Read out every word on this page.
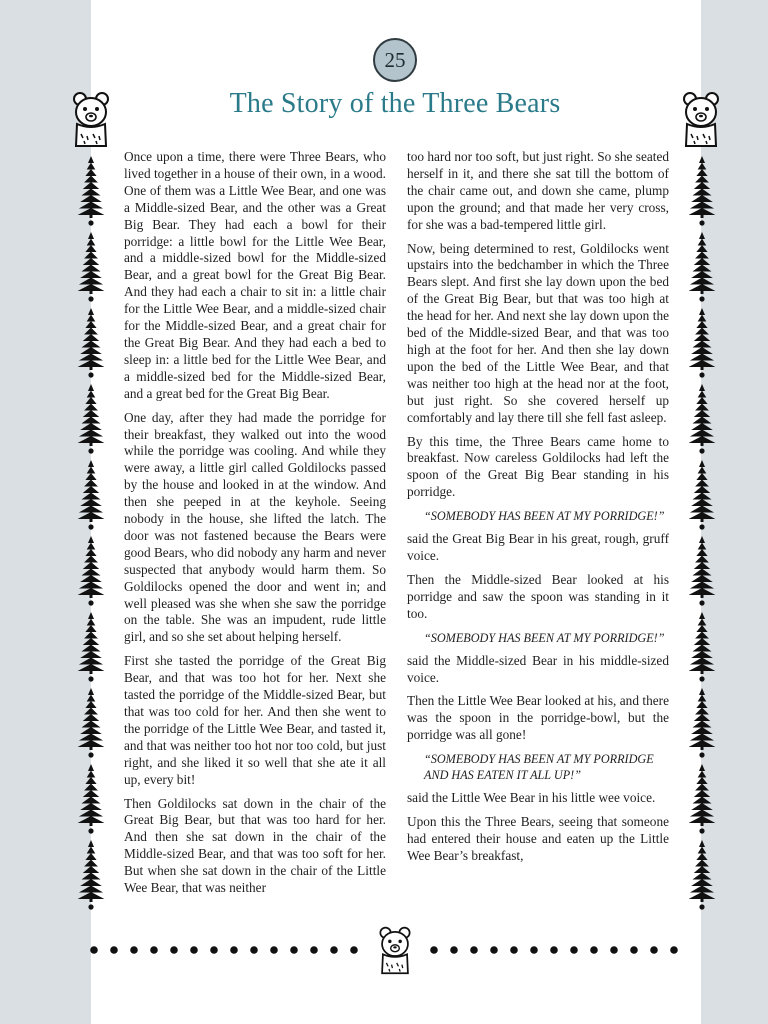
25
The Story of the Three Bears

Once upon a time, there were Three Bears, who lived together in a house of their own, in a wood. One of them was a Little Wee Bear, and one was a Middle-sized Bear, and the other was a Great Big Bear. They had each a bowl for their porridge: a little bowl for the Little Wee Bear, and a middle-sized bowl for the Middle-sized Bear, and a great bowl for the Great Big Bear. And they had each a chair to sit in: a little chair for the Little Wee Bear, and a middle-sized chair for the Middle-sized Bear, and a great chair for the Great Big Bear. And they had each a bed to sleep in: a little bed for the Little Wee Bear, and a middle-sized bed for the Middle-sized Bear, and a great bed for the Great Big Bear.

One day, after they had made the porridge for their breakfast, they walked out into the wood while the porridge was cooling. And while they were away, a little girl called Goldilocks passed by the house and looked in at the window. And then she peeped in at the keyhole. Seeing nobody in the house, she lifted the latch. The door was not fastened because the Bears were good Bears, who did nobody any harm and never suspected that anybody would harm them. So Goldilocks opened the door and went in; and well pleased was she when she saw the porridge on the table. She was an impudent, rude little girl, and so she set about helping herself.

First she tasted the porridge of the Great Big Bear, and that was too hot for her. Next she tasted the porridge of the Middle-sized Bear, but that was too cold for her. And then she went to the porridge of the Little Wee Bear, and tasted it, and that was neither too hot nor too cold, but just right, and she liked it so well that she ate it all up, every bit!

Then Goldilocks sat down in the chair of the Great Big Bear, but that was too hard for her. And then she sat down in the chair of the Middle-sized Bear, and that was too soft for her. But when she sat down in the chair of the Little Wee Bear, that was neither

too hard nor too soft, but just right. So she seated herself in it, and there she sat till the bottom of the chair came out, and down she came, plump upon the ground; and that made her very cross, for she was a bad-tempered little girl.

Now, being determined to rest, Goldilocks went upstairs into the bedchamber in which the Three Bears slept. And first she lay down upon the bed of the Great Big Bear, but that was too high at the head for her. And next she lay down upon the bed of the Middle-sized Bear, and that was too high at the foot for her. And then she lay down upon the bed of the Little Wee Bear, and that was neither too high at the head nor at the foot, but just right. So she covered herself up comfortably and lay there till she fell fast asleep.

By this time, the Three Bears came home to breakfast. Now careless Goldilocks had left the spoon of the Great Big Bear standing in his porridge.

“SOMEBODY HAS BEEN AT MY PORRIDGE!”

said the Great Big Bear in his great, rough, gruff voice.

Then the Middle-sized Bear looked at his porridge and saw the spoon was standing in it too.

“SOMEBODY HAS BEEN AT MY PORRIDGE!”

said the Middle-sized Bear in his middle-sized voice.

Then the Little Wee Bear looked at his, and there was the spoon in the porridge-bowl, but the porridge was all gone!

“SOMEBODY HAS BEEN AT MY PORRIDGE AND HAS EATEN IT ALL UP!”

said the Little Wee Bear in his little wee voice.

Upon this the Three Bears, seeing that someone had entered their house and eaten up the Little Wee Bear’s breakfast,
